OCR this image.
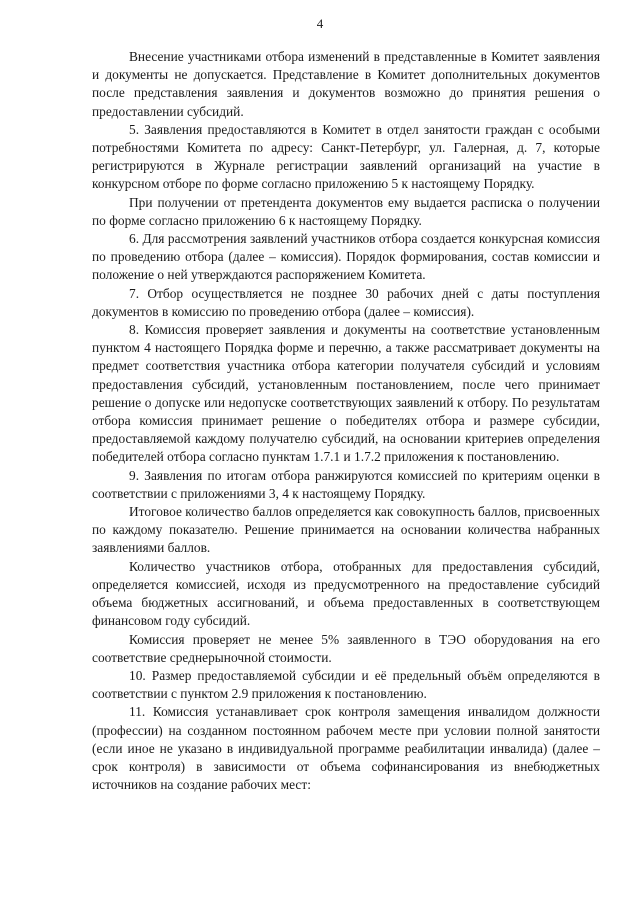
4

Внесение участниками отбора изменений в представленные в Комитет заявления и документы не допускается. Представление в Комитет дополнительных документов после представления заявления и документов возможно до принятия решения о предоставлении субсидий.

5. Заявления предоставляются в Комитет в отдел занятости граждан с особыми потребностями Комитета по адресу: Санкт-Петербург, ул. Галерная, д. 7, которые регистрируются в Журнале регистрации заявлений организаций на участие в конкурсном отборе по форме согласно приложению 5 к настоящему Порядку.

При получении от претендента документов ему выдается расписка о получении по форме согласно приложению 6 к настоящему Порядку.

6. Для рассмотрения заявлений участников отбора создается конкурсная комиссия по проведению отбора (далее – комиссия). Порядок формирования, состав комиссии и положение о ней утверждаются распоряжением Комитета.

7. Отбор осуществляется не позднее 30 рабочих дней с даты поступления документов в комиссию по проведению отбора (далее – комиссия).

8. Комиссия проверяет заявления и документы на соответствие установленным пунктом 4 настоящего Порядка форме и перечню, а также рассматривает документы на предмет соответствия участника отбора категории получателя субсидий и условиям предоставления субсидий, установленным постановлением, после чего принимает решение о допуске или недопуске соответствующих заявлений к отбору. По результатам отбора комиссия принимает решение о победителях отбора и размере субсидии, предоставляемой каждому получателю субсидий, на основании критериев определения победителей отбора согласно пунктам 1.7.1 и 1.7.2 приложения к постановлению.

9. Заявления по итогам отбора ранжируются комиссией по критериям оценки в соответствии с приложениями 3, 4 к настоящему Порядку.

Итоговое количество баллов определяется как совокупность баллов, присвоенных по каждому показателю. Решение принимается на основании количества набранных заявлениями баллов.

Количество участников отбора, отобранных для предоставления субсидий, определяется комиссией, исходя из предусмотренного на предоставление субсидий объема бюджетных ассигнований, и объема предоставленных в соответствующем финансовом году субсидий.

Комиссия проверяет не менее 5% заявленного в ТЭО оборудования на его соответствие среднерыночной стоимости.

10. Размер предоставляемой субсидии и её предельный объём определяются в соответствии с пунктом 2.9 приложения к постановлению.

11. Комиссия устанавливает срок контроля замещения инвалидом должности (профессии) на созданном постоянном рабочем месте при условии полной занятости (если иное не указано в индивидуальной программе реабилитации инвалида) (далее – срок контроля) в зависимости от объема софинансирования из внебюджетных источников на создание рабочих мест:
